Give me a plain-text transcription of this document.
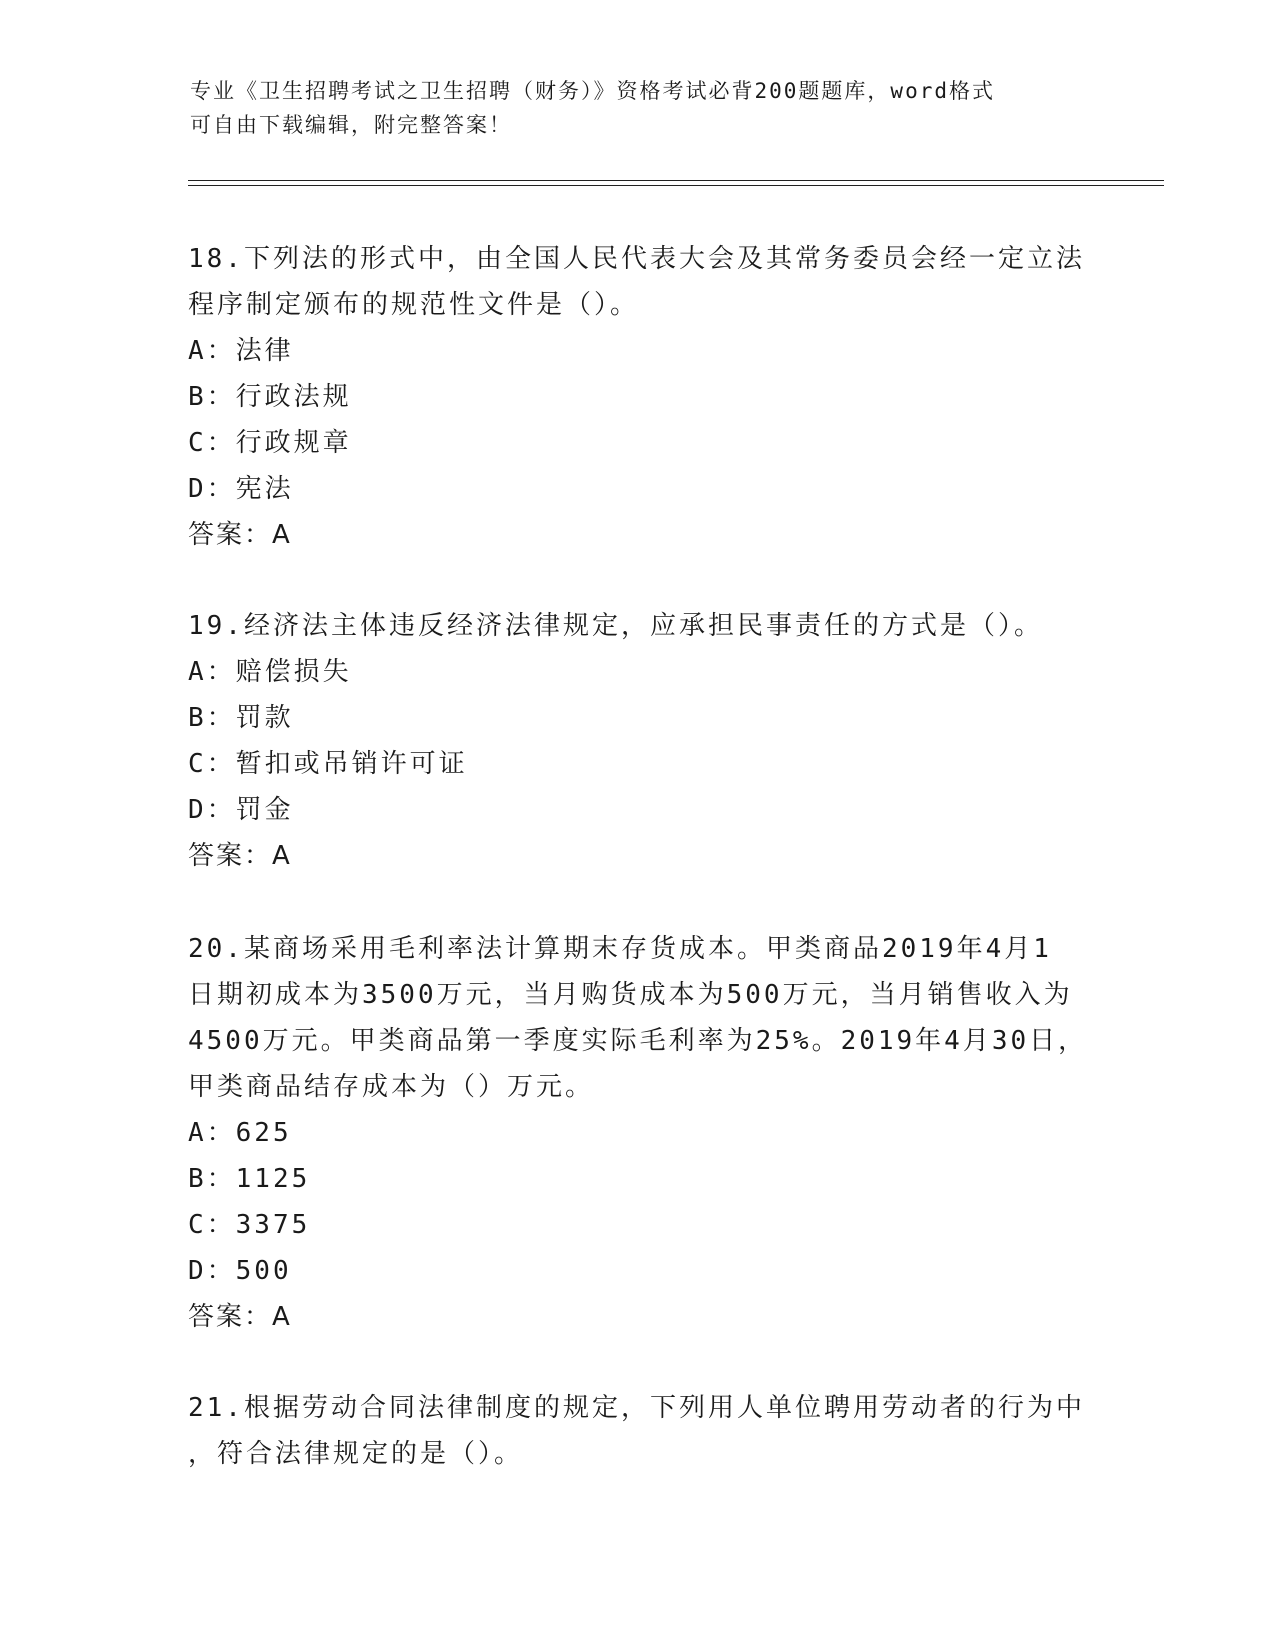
专业《卫生招聘考试之卫生招聘（财务）》资格考试必背200题题库，word格式
可自由下载编辑，附完整答案！
18.下列法的形式中，由全国人民代表大会及其常务委员会经一定立法
程序制定颁布的规范性文件是（）。
A：法律
B：行政法规
C：行政规章
D：宪法
答案：A
19.经济法主体违反经济法律规定，应承担民事责任的方式是（）。
A：赔偿损失
B：罚款
C：暂扣或吊销许可证
D：罚金
答案：A
20.某商场采用毛利率法计算期末存货成本。甲类商品2019年4月1
日期初成本为3500万元，当月购货成本为500万元，当月销售收入为
4500万元。甲类商品第一季度实际毛利率为25%。2019年4月30日，
甲类商品结存成本为（）万元。
A：625
B：1125
C：3375
D：500
答案：A
21.根据劳动合同法律制度的规定，下列用人单位聘用劳动者的行为中
，符合法律规定的是（）。
